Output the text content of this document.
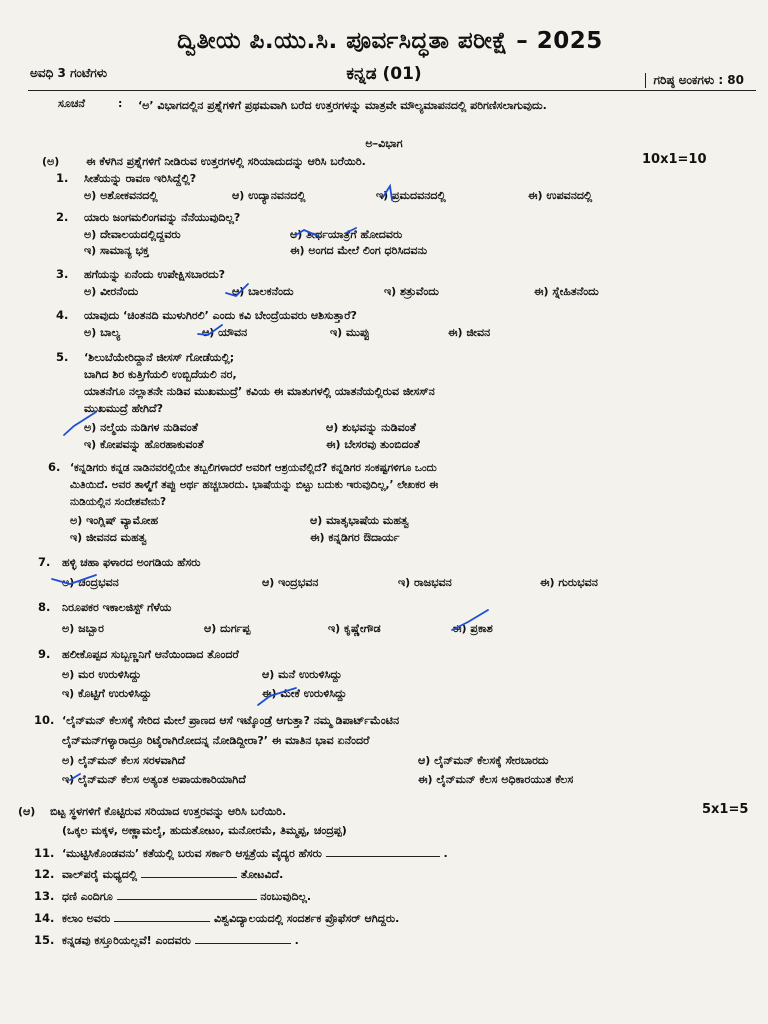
ದ್ವಿತೀಯ ಪಿ.ಯು.ಸಿ. ಪೂರ್ವಸಿದ್ಧತಾ ಪರೀಕ್ಷೆ – 2025
ಅವಧಿ 3 ಗಂಟೆಗಳು	ಕನ್ನಡ (01)	ಗರಿಷ್ಠ ಅಂಕಗಳು : 80
ಸೂಚನೆ	: ‘ಅ’ ವಿಭಾಗದಲ್ಲಿನ ಪ್ರಶ್ನೆಗಳಿಗೆ ಪ್ರಥಮವಾಗಿ ಬರೆದ ಉತ್ತರಗಳನ್ನು ಮಾತ್ರವೇ ಮೌಲ್ಯಮಾಪನದಲ್ಲಿ ಪರಿಗಣಿಸಲಾಗುವುದು.
ಅ–ವಿಭಾಗ
(ಅ) ಈ ಕೆಳಗಿನ ಪ್ರಶ್ನೆಗಳಿಗೆ ನೀಡಿರುವ ಉತ್ತರಗಳಲ್ಲಿ ಸರಿಯಾದುದನ್ನು ಆರಿಸಿ ಬರೆಯಿರಿ.	10x1=10
1. ಸೀತೆಯನ್ನು ರಾವಣ ಇರಿಸಿದ್ದೆಲ್ಲಿ?
ಅ) ಅಶೋಕವನದಲ್ಲಿ	ಆ) ಉದ್ಯಾನವನದಲ್ಲಿ	ಇ) ಪ್ರಮದವನದಲ್ಲಿ	ಈ) ಉಪವನದಲ್ಲಿ
2. ಯಾರು ಜಂಗಮಲಿಂಗವನ್ನು ನೆನೆಯುವುದಿಲ್ಲ?
ಅ) ದೇವಾಲಯದಲ್ಲಿದ್ದವರು	ಆ) ತೀರ್ಥಯಾತ್ರೆಗೆ ಹೋದವರು
ಇ) ಸಾಮಾನ್ಯ ಭಕ್ತ	ಈ) ಅಂಗದ ಮೇಲೆ ಲಿಂಗ ಧರಿಸಿದವನು
3. ಹಗೆಯನ್ನು ಏನೆಂದು ಉಪೇಕ್ಷಿಸಬಾರದು?
ಅ) ವೀರನೆಂದು	ಆ) ಬಾಲಕನೆಂದು	ಇ) ಶತ್ರುವೆಂದು	ಈ) ಸ್ನೇಹಿತನೆಂದು
4. ಯಾವುದು ‘ಚಿಂತನದಿ ಮುಳುಗಿರಲಿ’ ಎಂದು ಕವಿ ಬೇಂದ್ರೆಯವರು ಆಶಿಸುತ್ತಾರೆ?
ಅ) ಬಾಲ್ಯ	ಆ) ಯೌವನ	ಇ) ಮುಪ್ಪು	ಈ) ಜೀವನ
5. ‘ಶಿಲುಬೆಯೇರಿದ್ದಾನೆ ಜೀಸಸ್ ಗೋಡೆಯಲ್ಲಿ;
ಬಾಗಿದ ಶಿರ ಕುತ್ತಿಗೆಯಲಿ ಉಬ್ಬಿದೆಯಲಿ ನರ,
ಯಾತನೆಗೂ ನಲ್ಲಾತನೇ ನುಡಿವ ಮುಖಮುದ್ರೆ’ ಕವಿಯ ಈ ಮಾತುಗಳಲ್ಲಿ ಯಾತನೆಯಲ್ಲಿರುವ ಜೀಸಸ್‌ನ
ಮುಖಮುದ್ರೆ ಹೇಗಿದೆ?
ಅ) ನಲ್ಮೆಯ ನುಡಿಗಳ ನುಡಿವಂತೆ	ಆ) ಶುಭವನ್ನು ನುಡಿವಂತೆ
ಇ) ಕೋಪವನ್ನು ಹೊರಹಾಕುವಂತೆ	ಈ) ಬೇಸರವು ತುಂಬಿದಂತೆ
6. ‘ಕನ್ನಡಿಗರು ಕನ್ನಡ ನಾಡಿನವರಲ್ಲಿಯೇ ತಬ್ಬಲಿಗಳಾದರೆ ಅವರಿಗೆ ಆಶ್ರಯವೆಲ್ಲಿದೆ? ಕನ್ನಡಿಗರ ಸಂಕಷ್ಟಗಳಿಗೂ ಒಂದು
ಮಿತಿಯಿದೆ. ಅವರ ತಾಳ್ಮೆಗೆ ತಪ್ಪು ಅರ್ಥ ಹಚ್ಚಬಾರದು. ಭಾಷೆಯನ್ನು ಬಿಟ್ಟು ಬದುಕು ಇರುವುದಿಲ್ಲ,’ ಲೇಖಕರ ಈ
ನುಡಿಯಲ್ಲಿನ ಸಂದೇಶವೇನು?
ಅ) ಇಂಗ್ಲಿಷ್ ವ್ಯಾಮೋಹ	ಆ) ಮಾತೃಭಾಷೆಯ ಮಹತ್ವ
ಇ) ಜೀವನದ ಮಹತ್ವ	ಈ) ಕನ್ನಡಿಗರ ಔದಾರ್ಯ
7. ಹಳ್ಳಿ ಚಹಾ ಫಳಾರದ ಅಂಗಡಿಯ ಹೆಸರು
ಅ) ಚಂದ್ರಭವನ	ಆ) ಇಂದ್ರಭವನ	ಇ) ರಾಜಭವನ	ಈ) ಗುರುಭವನ
8. ನಿರೂಪಕರ ಇಕಾಲಜಿಸ್ಟ್ ಗೆಳೆಯ
ಅ) ಜಬ್ಬಾರ	ಆ) ದುರ್ಗಪ್ಪ	ಇ) ಕೃಷ್ಣೇಗೌಡ	ಈ) ಪ್ರಕಾಶ
9. ಹಲೀಕೊಪ್ಪದ ಸುಬ್ಬಣ್ಣನಿಗೆ ಆನೆಯಿಂದಾದ ತೊಂದರೆ
ಅ) ಮರ ಉರುಳಿಸಿದ್ದು	ಆ) ಮನೆ ಉರುಳಿಸಿದ್ದು
ಇ) ಕೊಟ್ಟಿಗೆ ಉರುಳಿಸಿದ್ದು	ಈ) ಮೇಕೆ ಉರುಳಿಸಿದ್ದು
10. ‘ಲೈನ್‌ಮನ್ ಕೆಲಸಕ್ಕೆ ಸೇರಿದ ಮೇಲೆ ಪ್ರಾಣದ ಆಸೆ ಇಟ್ಕೊಂಡ್ರೆ ಆಗುತ್ತಾ? ನಮ್ಮ ಡಿಪಾರ್ಟ್‌ಮೆಂಟಿನ
ಲೈನ್‌ಮನ್‌ಗಳ್ಯಾರಾದ್ರೂ ರಿಟೈರಾಗಿರೋದನ್ನ ನೋಡಿದ್ದೀರಾ?’ ಈ ಮಾತಿನ ಭಾವ ಏನೆಂದರೆ
ಅ) ಲೈನ್‌ಮನ್ ಕೆಲಸ ಸರಳವಾಗಿದೆ	ಆ) ಲೈನ್‌ಮನ್ ಕೆಲಸಕ್ಕೆ ಸೇರಬಾರದು
ಇ) ಲೈನ್‌ಮನ್ ಕೆಲಸ ಅತ್ಯಂತ ಅಪಾಯಕಾರಿಯಾಗಿದೆ	ಈ) ಲೈನ್‌ಮನ್ ಕೆಲಸ ಅಧಿಕಾರಯುತ ಕೆಲಸ
(ಆ) ಬಿಟ್ಟ ಸ್ಥಳಗಳಿಗೆ ಕೊಟ್ಟಿರುವ ಸರಿಯಾದ ಉತ್ತರವನ್ನು ಆರಿಸಿ ಬರೆಯಿರಿ.	5x1=5
(ಒಕ್ಕಲ ಮಕ್ಕಳ, ಅಣ್ಣಾಮಲೈ, ಹುದುತೋಟಂ, ಮನೋರಮೆ, ತಿಮ್ಮಪ್ಪ, ಚಂದ್ರಪ್ಪ)
11. ‘ಮುಟ್ಟಿಸಿಕೊಂಡವನು’ ಕತೆಯಲ್ಲಿ ಬರುವ ಸರ್ಕಾರಿ ಆಸ್ಪತ್ರೆಯ ವೈದ್ಯರ ಹೆಸರು	.
12. ವಾಲ್‌ಪರೈ ಮಧ್ಯದಲ್ಲಿ	ತೋಟವಿದೆ.
13. ಧಣಿ ಎಂದಿಗೂ	ನಂಬುವುದಿಲ್ಲ.
14. ಕಲಾಂ ಅವರು	ವಿಶ್ವವಿದ್ಯಾಲಯದಲ್ಲಿ ಸಂದರ್ಶಕ ಪ್ರೊಫೆಸರ್ ಆಗಿದ್ದರು.
15. ಕನ್ನಡವು ಕಸ್ತೂರಿಯಲ್ಲವೆ! ಎಂದವರು	.
